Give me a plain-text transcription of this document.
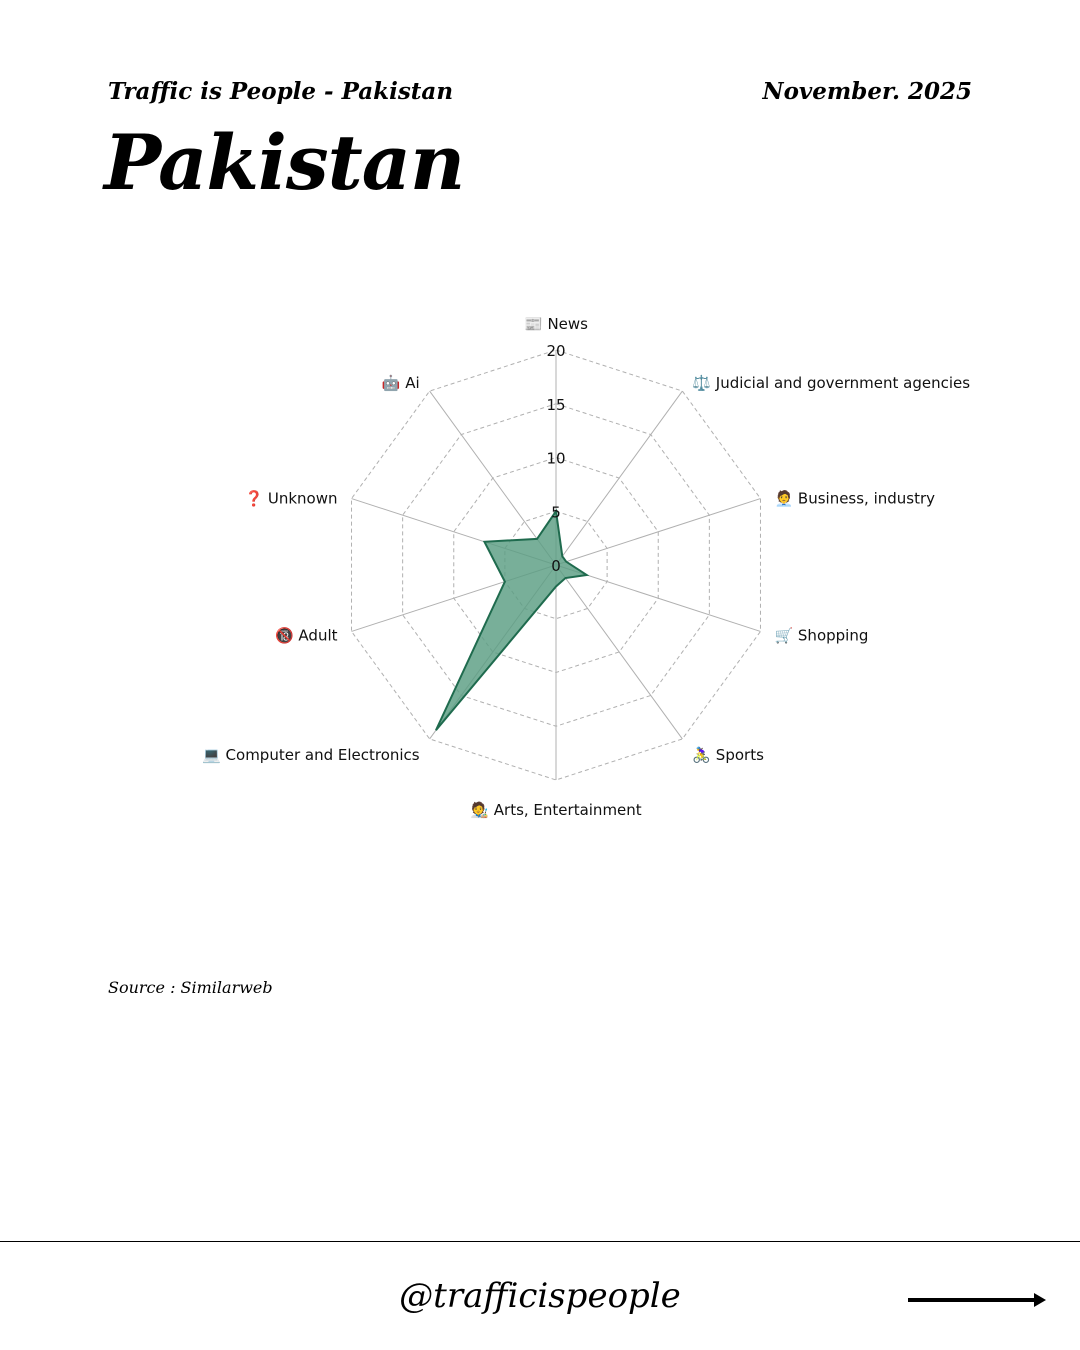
Traffic is People - Pakistan	November. 2025
Pakistan
0
5
10
15
20
📰 News
⚖️ Judicial and government agencies
🧑‍💼 Business, industry
🛒 Shopping
🚴‍♀️ Sports
🧑‍🎨 Arts, Entertainment
💻 Computer and Electronics
🔞 Adult
❓ Unknown
🤖 Ai
Source : Similarweb
@trafficispeople
